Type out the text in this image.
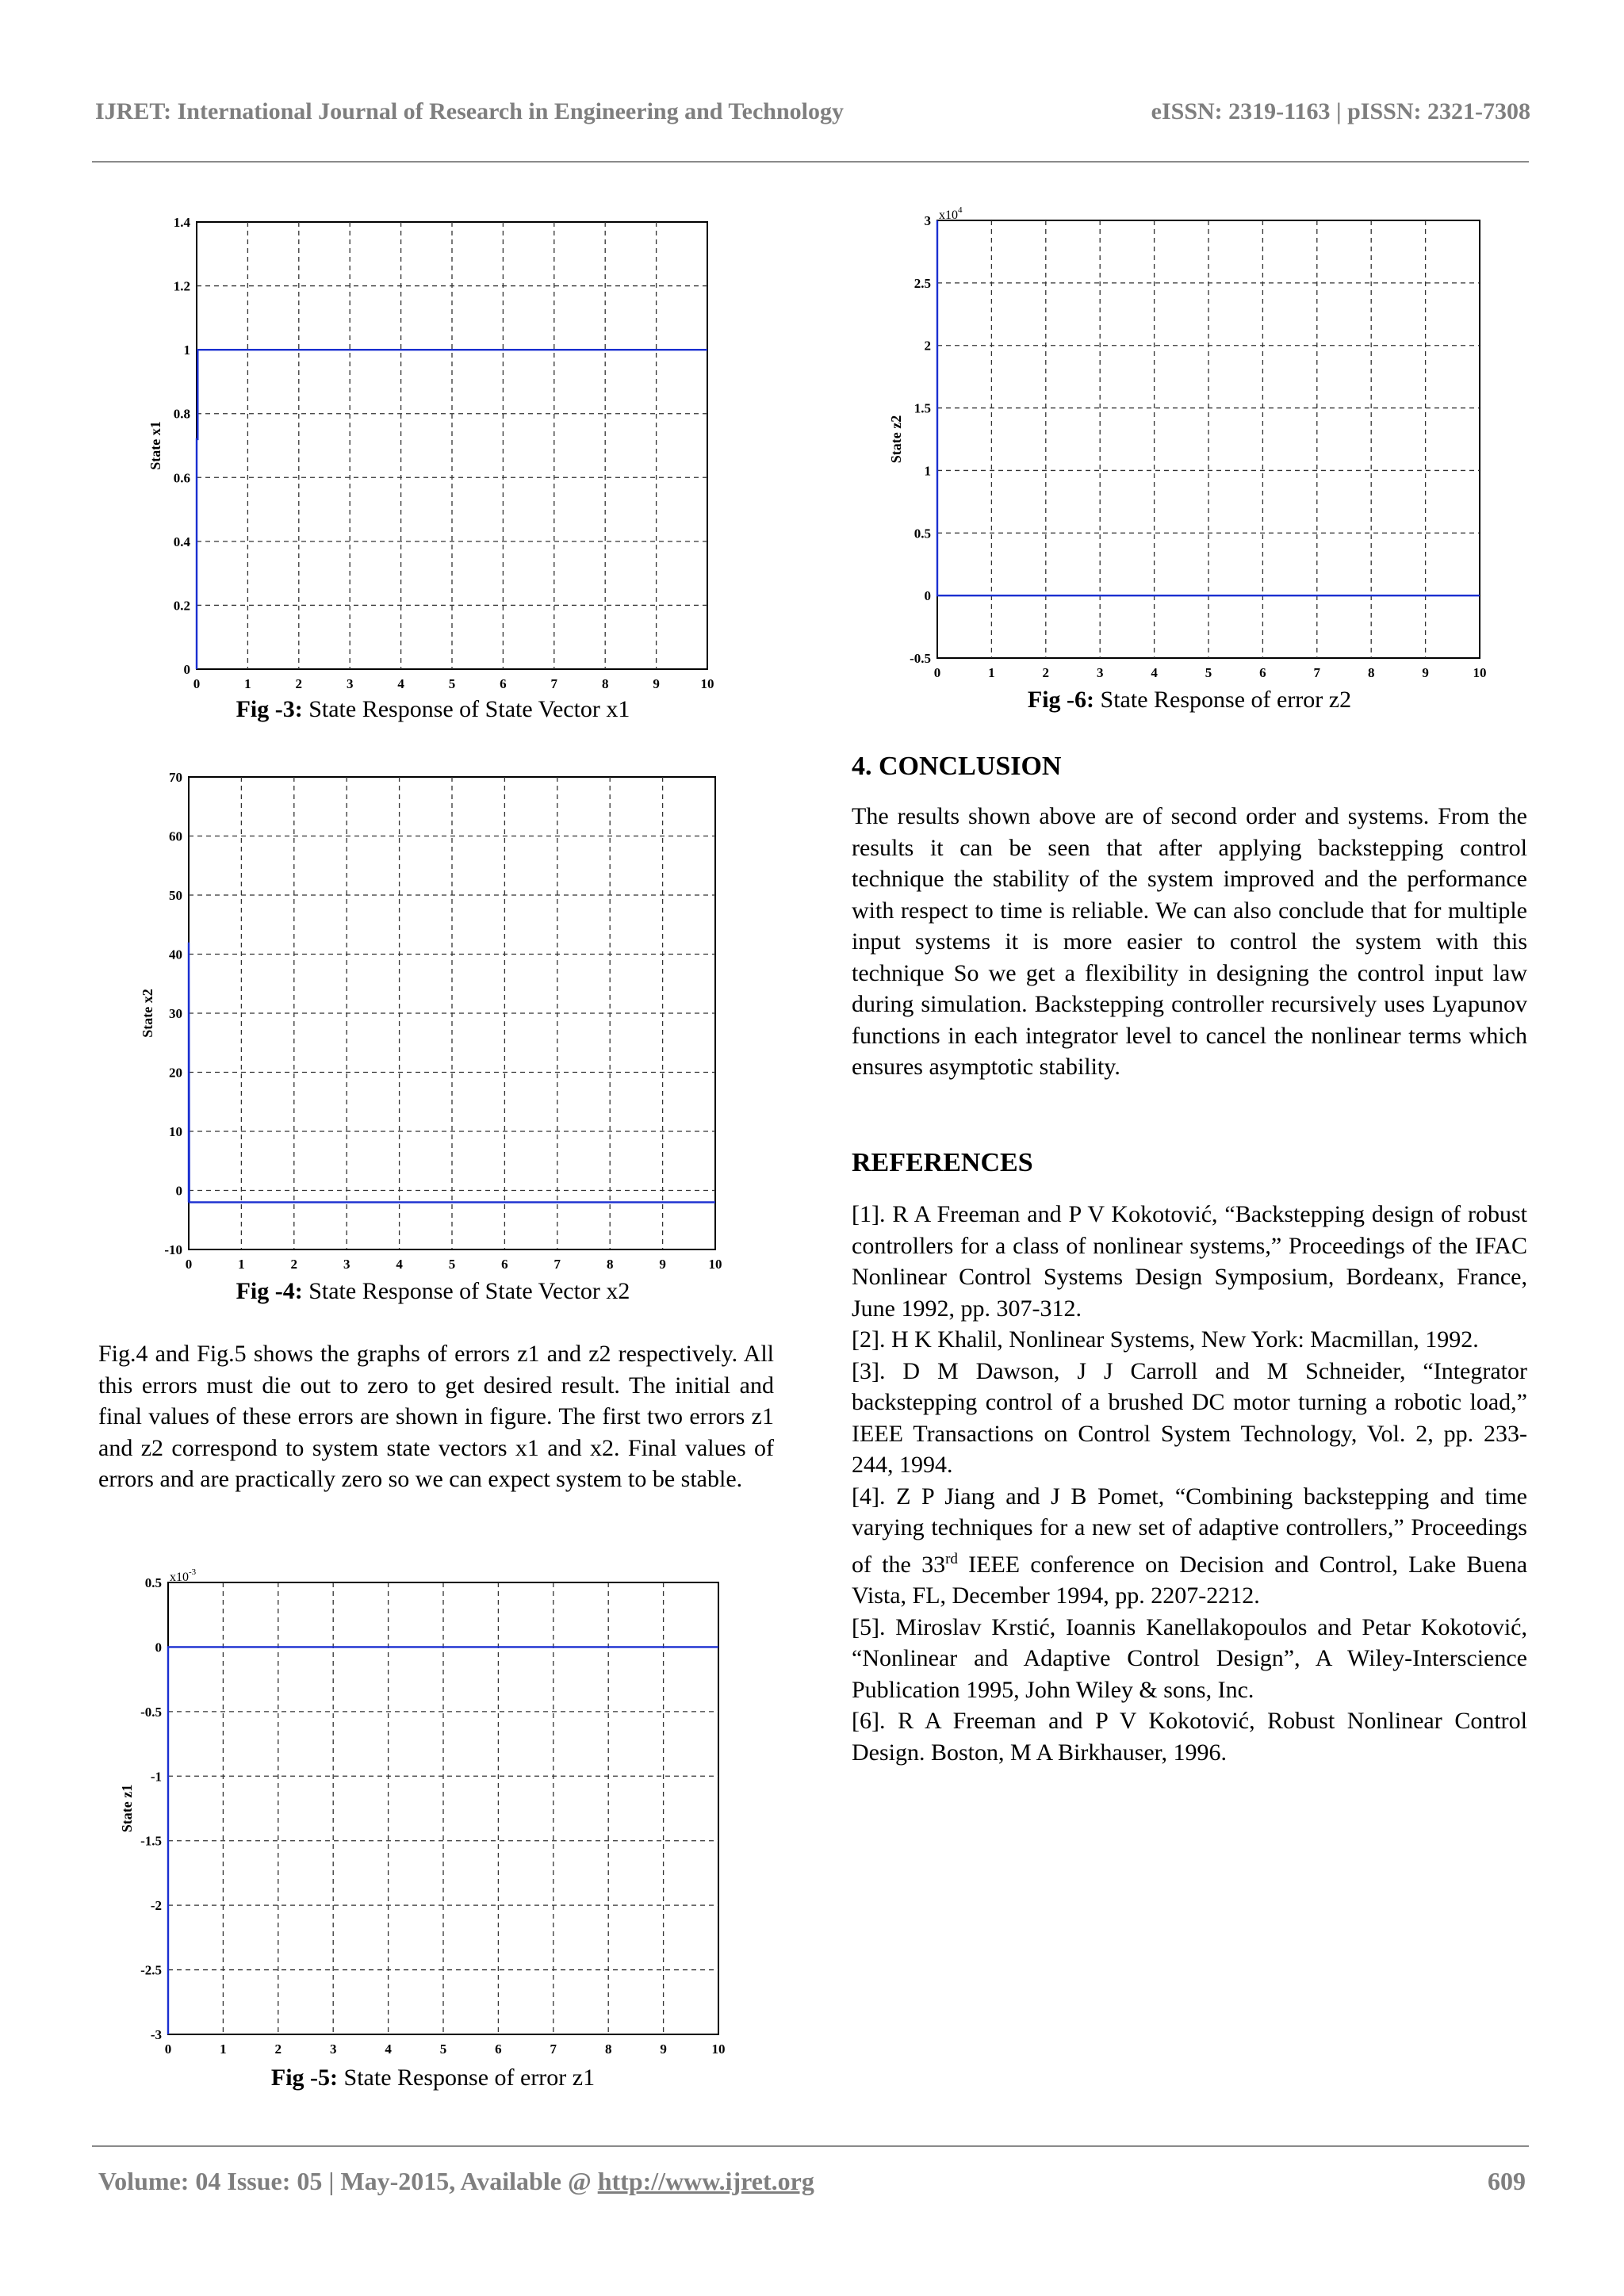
IJRET: International Journal of Research in Engineering and Technology	eISSN: 2319-1163 | pISSN: 2321-7308
0	1	2	3	4	5	6	7	8	9	10
0
0.2
0.4
0.6
0.8
1
1.2
1.4
State x1
Fig -3: State Response of State Vector x1
0	1	2	3	4	5	6	7	8	9	10
-10
0
10
20
30
40
50
60
70
State x2
Fig -4: State Response of State Vector x2
0	1	2	3	4	5	6	7	8	9	10
-3
-2.5
-2
-1.5
-1
-0.5
0
0.5
State z1
$x10^{-3}$
Fig -5: State Response of error z1
0	1	2	3	4	5	6	7	8	9	10
-0.5
0
0.5
1
1.5
2
2.5
3
State z2
$x10^4$
Fig -6: State Response of error z2

Fig.4 and Fig.5 shows the graphs of errors z1 and z2 respectively. All this errors must die out to zero to get desired result. The initial and final values of these errors are shown in figure. The first two errors z1 and z2 correspond to system state vectors x1 and x2. Final values of errors and are practically zero so we can expect system to be stable.

4. CONCLUSION

The results shown above are of second order and systems. From the results it can be seen that after applying backstepping control technique the stability of the system improved and the performance with respect to time is reliable. We can also conclude that for multiple input systems it is more easier to control the system with this technique So we get a flexibility in designing the control input law during simulation. Backstepping controller recursively uses Lyapunov functions in each integrator level to cancel the nonlinear terms which ensures asymptotic stability.

REFERENCES

[1]. R A Freeman and P V Kokotović, “Backstepping design of robust controllers for a class of nonlinear systems,” Proceedings of the IFAC Nonlinear Control Systems Design Symposium, Bordeanx, France, June 1992, pp. 307-312.

[2]. H K Khalil, Nonlinear Systems, New York: Macmillan, 1992.

[3]. D M Dawson, J J Carroll and M Schneider, “Integrator backstepping control of a brushed DC motor turning a robotic load,” IEEE Transactions on Control System Technology, Vol. 2, pp. 233-244, 1994.

[4]. Z P Jiang and J B Pomet, “Combining backstepping and time varying techniques for a new set of adaptive controllers,” Proceedings of the 33rd IEEE conference on Decision and Control, Lake Buena Vista, FL, December 1994, pp. 2207-2212.

[5]. Miroslav Krstić, Ioannis Kanellakopoulos and Petar Kokotović, “Nonlinear and Adaptive Control Design”, A Wiley-Interscience Publication 1995, John Wiley & sons, Inc.

[6]. R A Freeman and P V Kokotović, Robust Nonlinear Control Design. Boston, M A Birkhauser, 1996.

Volume: 04 Issue: 05 | May-2015, Available @ http://www.ijret.org	609
